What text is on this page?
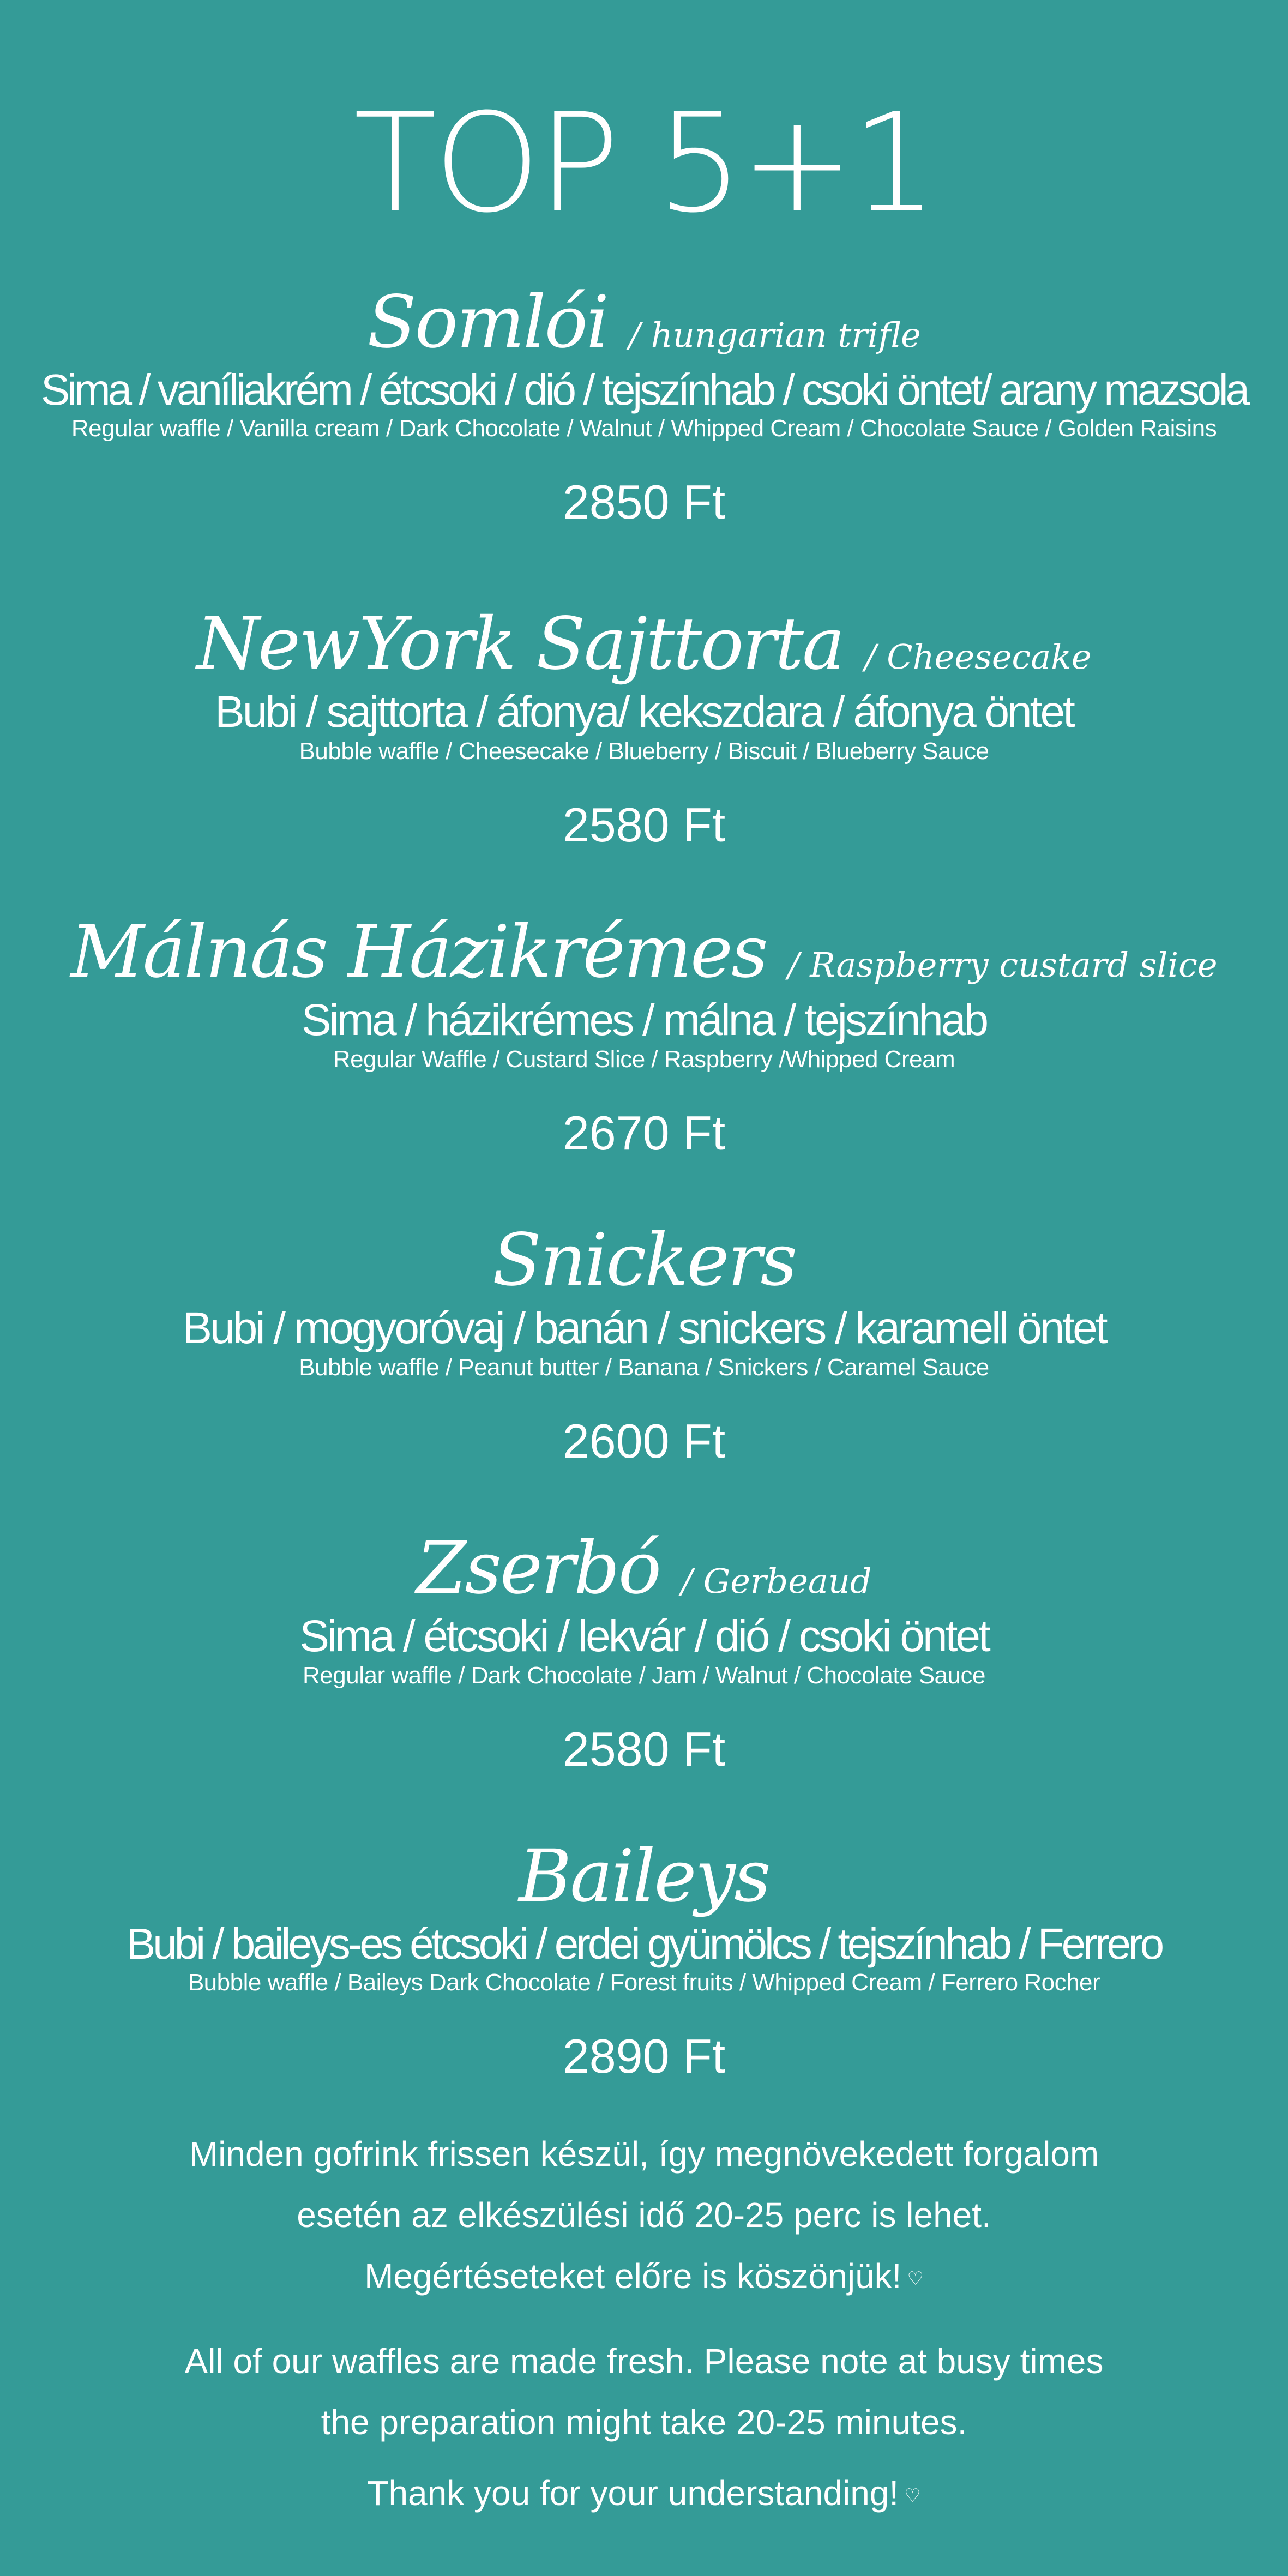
TOP 5+1
Somlói / hungarian trifle
Sima / vaníliakrém / étcsoki / dió / tejszínhab / csoki öntet/ arany mazsola
Regular waffle / Vanilla cream / Dark Chocolate / Walnut / Whipped Cream / Chocolate Sauce / Golden Raisins
2850 Ft
NewYork Sajttorta / Cheesecake
Bubi / sajttorta / áfonya/ kekszdara / áfonya öntet
Bubble waffle / Cheesecake / Blueberry / Biscuit / Blueberry Sauce
2580 Ft
Málnás Házikrémes / Raspberry custard slice
Sima / házikrémes / málna / tejszínhab
Regular Waffle / Custard Slice / Raspberry /Whipped Cream
2670 Ft
Snickers
Bubi / mogyoróvaj / banán / snickers / karamell öntet
Bubble waffle / Peanut butter / Banana / Snickers / Caramel Sauce
2600 Ft
Zserbó / Gerbeaud
Sima / étcsoki / lekvár / dió / csoki öntet
Regular waffle / Dark Chocolate / Jam / Walnut / Chocolate Sauce
2580 Ft
Baileys
Bubi / baileys-es étcsoki / erdei gyümölcs / tejszínhab / Ferrero
Bubble waffle / Baileys Dark Chocolate / Forest fruits / Whipped Cream / Ferrero Rocher
2890 Ft
Minden gofrink frissen készül, így megnövekedett forgalom
esetén az elkészülési idő 20-25 perc is lehet.
Megértéseteket előre is köszönjük! ♡
All of our waffles are made fresh. Please note at busy times
the preparation might take 20-25 minutes.
Thank you for your understanding! ♡
